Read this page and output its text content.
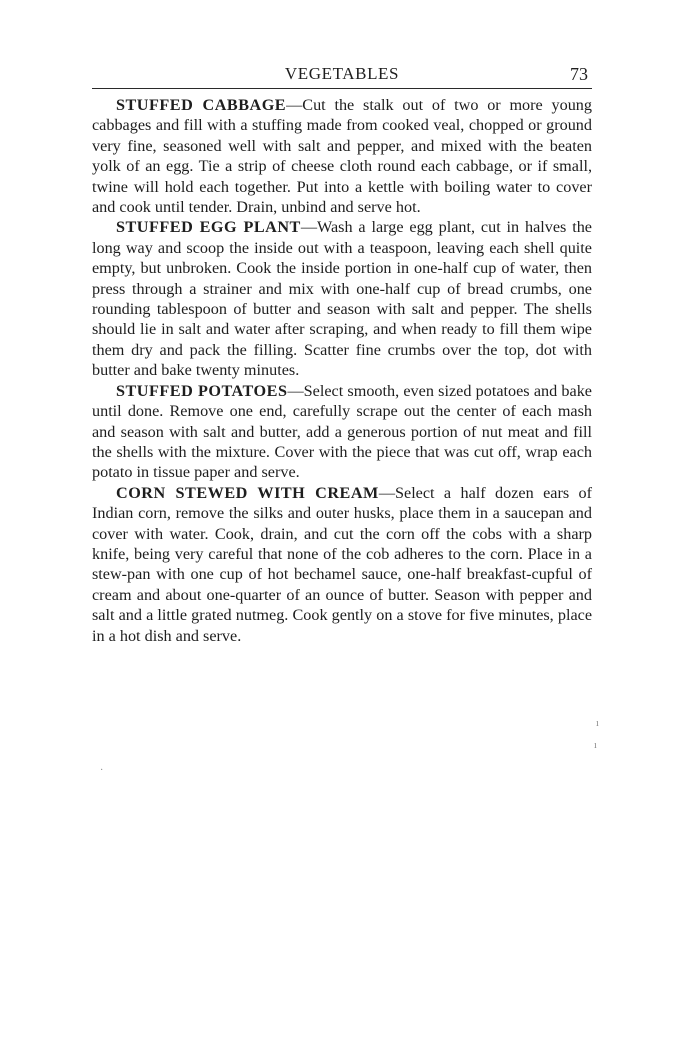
VEGETABLES	73

STUFFED CABBAGE—Cut the stalk out of two or more young cabbages and fill with a stuffing made from cooked veal, chopped or ground very fine, seasoned well with salt and pepper, and mixed with the beaten yolk of an egg. Tie a strip of cheese cloth round each cabbage, or if small, twine will hold each together. Put into a kettle with boiling water to cover and cook until tender. Drain, unbind and serve hot.

STUFFED EGG PLANT—Wash a large egg plant, cut in halves the long way and scoop the inside out with a teaspoon, leaving each shell quite empty, but unbroken. Cook the inside portion in one-half cup of water, then press through a strainer and mix with one-half cup of bread crumbs, one rounding tablespoon of butter and season with salt and pepper. The shells should lie in salt and water after scraping, and when ready to fill them wipe them dry and pack the filling. Scatter fine crumbs over the top, dot with butter and bake twenty minutes.

STUFFED POTATOES—Select smooth, even sized potatoes and bake until done. Remove one end, carefully scrape out the center of each mash and season with salt and butter, add a generous portion of nut meat and fill the shells with the mixture. Cover with the piece that was cut off, wrap each potato in tissue paper and serve.

CORN STEWED WITH CREAM—Select a half dozen ears of Indian corn, remove the silks and outer husks, place them in a saucepan and cover with water. Cook, drain, and cut the corn off the cobs with a sharp knife, being very careful that none of the cob adheres to the corn. Place in a stew-pan with one cup of hot bechamel sauce, one-half breakfast-cupful of cream and about one-quarter of an ounce of butter. Season with pepper and salt and a little grated nutmeg. Cook gently on a stove for five minutes, place in a hot dish and serve.

ı
ı
·
